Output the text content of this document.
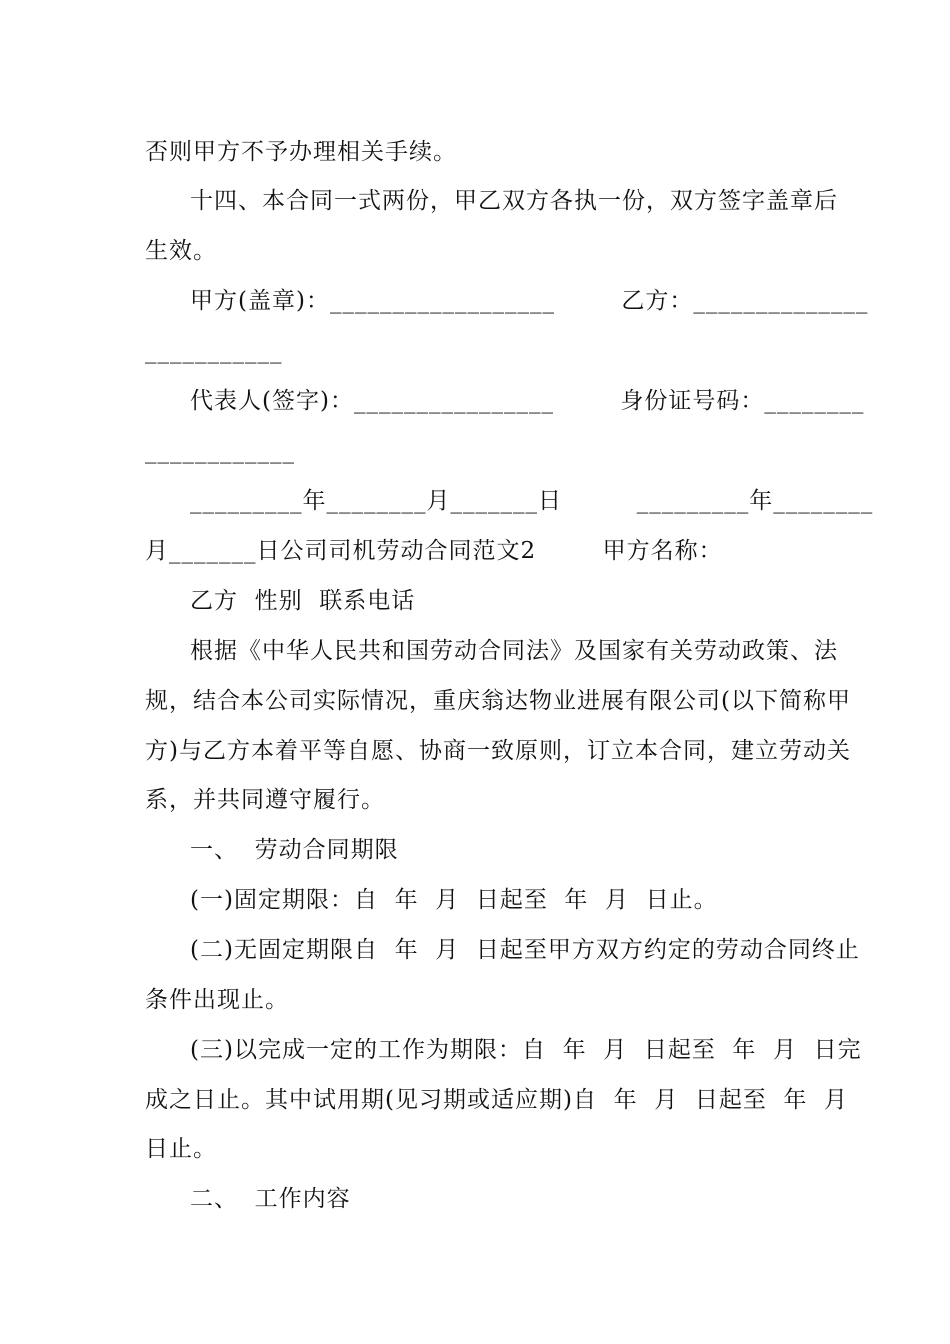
否则甲方不予办理相关手续。
十四、本合同一式两份，甲乙双方各执一份，双方签字盖章后
生效。
甲方(盖章)：__________________        乙方：______________
___________
代表人(签字)：________________        身份证号码：________
____________
_________年________月_______日         _________年________
月_______日公司司机劳动合同范文2        甲方名称：
乙方  性别  联系电话
根据《中华人民共和国劳动合同法》及国家有关劳动政策、法
规，结合本公司实际情况，重庆翁达物业进展有限公司(以下简称甲
方)与乙方本着平等自愿、协商一致原则，订立本合同，建立劳动关
系，并共同遵守履行。
一、  劳动合同期限
(一)固定期限：自  年  月  日起至  年  月  日止。
(二)无固定期限自  年  月  日起至甲方双方约定的劳动合同终止
条件出现止。
(三)以完成一定的工作为期限：自  年  月  日起至  年  月  日完
成之日止。其中试用期(见习期或适应期)自  年  月  日起至  年  月
日止。
二、  工作内容
